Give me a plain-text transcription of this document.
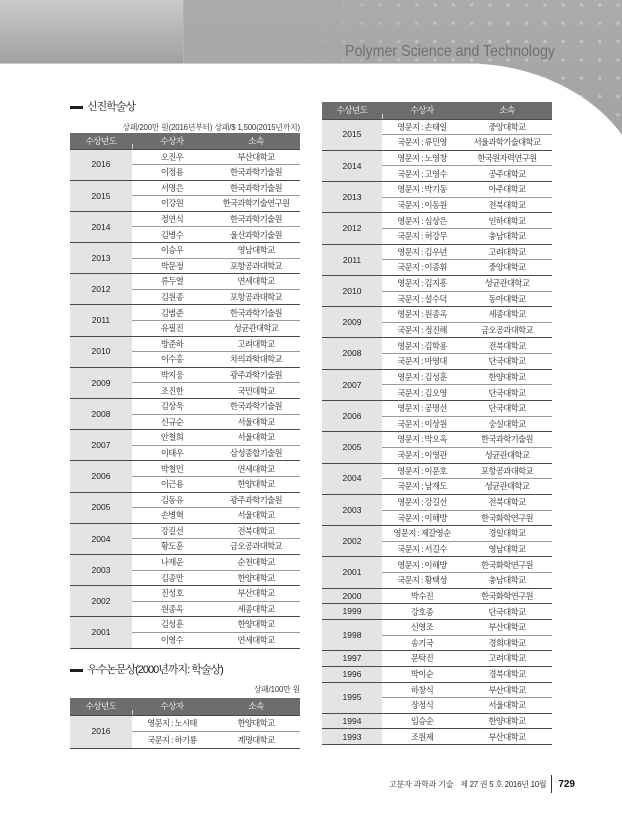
Polymer Science and Technology
신진학술상
상패/200만 원(2016년부터) 상패/$ 1,500(2015년까지)
수상년도	수상자	소속
2016	오진우	부산대학교
	이정용	한국과학기술원
2015	서명은	한국과학기술원
	이강원	한국과학기술연구원
2014	정연식	한국과학기술원
	김병수	울산과학기술원
2013	이승우	영남대학교
	박문정	포항공과대학교
2012	류두열	연세대학교
	김원종	포항공과대학교
2011	김범준	한국과학기술원
	유필진	성균관대학교
2010	방준하	고려대학교
	이수홍	차의과학대학교
2009	박지웅	광주과학기술원
	조진한	국민대학교
2008	김상욱	한국과학기술원
	신규순	서울대학교
2007	안철희	서울대학교
	이태우	삼성종합기술원
2006	박철민	연세대학교
	이근용	한양대학교
2005	김동유	광주과학기술원
	손병혁	서울대학교
2004	강길선	전북대학교
	황도훈	금오공과대학교
2003	나재운	순천대학교
	김종만	한양대학교
2002	진성호	부산대학교
	원종옥	세종대학교
2001	김성훈	한양대학교
	이영수	연세대학교
우수논문상(2000년까지: 학술상)
상패/100만 원
수상년도	수상자	소속
2016	영문지 : 노시태	한양대학교
	국문지 : 하기룡	계명대학교
수상년도	수상자	소속
2015	영문지 : 손태일	중앙대학교
	국문지 : 류민영	서울과학기술대학교
2014	영문지 : 노영창	한국원자력연구원
	국문지 : 고영수	공주대학교
2013	영문지 : 박기동	아주대학교
	국문지 : 이동원	전북대학교
2012	영문지 : 심상은	인하대학교
	국문지 : 허강무	충남대학교
2011	영문지 : 김우년	고려대학교
	국문지 : 이종휘	중앙대학교
2010	영문지 : 김지흥	성균관대학교
	국문지 : 설수덕	동아대학교
2009	영문지 : 원종옥	세종대학교
	국문지 : 정진해	금오공과대학교
2008	영문지 : 김학용	전북대학교
	국문지 : 마영대	단국대학교
2007	영문지 : 김성훈	한양대학교
	국문지 : 김오영	단국대학교
2006	영문지 : 공명선	단국대학교
	국문지 : 이상원	숭실대학교
2005	영문지 : 박오옥	한국과학기술원
	국문지 : 이영관	성균관대학교
2004	영문지 : 이문호	포항공과대학교
	국문지 : 남재도	성균관대학교
2003	영문지 : 강길선	전북대학교
	국문지 : 이해방	한국화학연구원
2002	영문지 : 제갈영순	경일대학교
	국문지 : 서길수	영남대학교
2001	영문지 : 이해방	한국화학연구원
	국문지 : 황택성	충남대학교
2000	박수진	한국화학연구원
1999	강호종	단국대학교
1998	신영조	부산대학교
	송기국	경희대학교
1997	문탁진	고려대학교
1996	박이순	경북대학교
1995	하창식	부산대학교
	장정식	서울대학교
1994	임승순	한양대학교
1993	조원제	부산대학교
고분자 과학과 기술 제 27 권 5 호 2016년 10월 729
